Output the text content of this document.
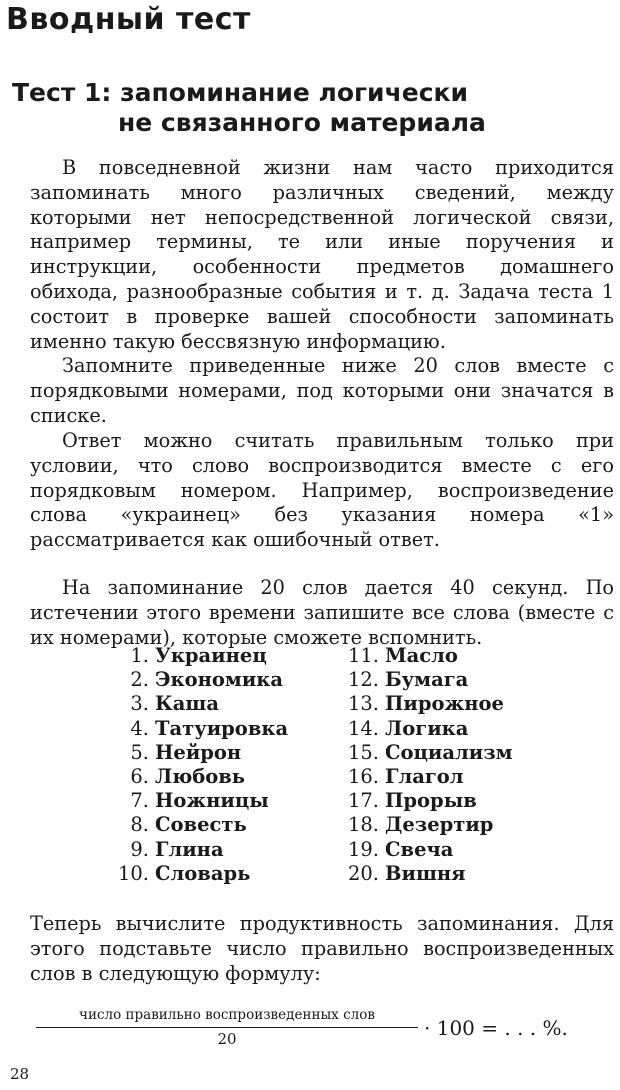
Вводный тест
Тест 1: запоминание логически
не связанного материала

В повседневной жизни нам часто приходится запоминать много различных сведений, между которыми нет непосредственной логической связи, например термины, те или иные поручения и инструкции, особенности предметов домашнего обихода, разнообразные события и т. д. Задача теста 1 состоит в проверке вашей способности запоминать именно такую бессвязную информацию.

Запомните приведенные ниже 20 слов вместе с порядковыми номерами, под которыми они значатся в списке.

Ответ можно считать правильным только при условии, что слово воспроизводится вместе с его порядковым номером. Например, воспроизведение слова «украинец» без указания номера «1» рассматривается как ошибочный ответ.

На запоминание 20 слов дается 40 секунд. По истечении этого времени запишите все слова (вместе с их номерами), которые сможете вспомнить.

1. Украинец
2. Экономика
3. Каша
4. Татуировка
5. Нейрон
6. Любовь
7. Ножницы
8. Совесть
9. Глина
10. Словарь
11. Масло
12. Бумага
13. Пирожное
14. Логика
15. Социализм
16. Глагол
17. Прорыв
18. Дезертир
19. Свеча
20. Вишня

Теперь вычислите продуктивность запоминания. Для этого подставьте число правильно воспроизведенных слов в следующую формулу:

число правильно воспроизведенных слов
20	· 100 = . . . %.
28
